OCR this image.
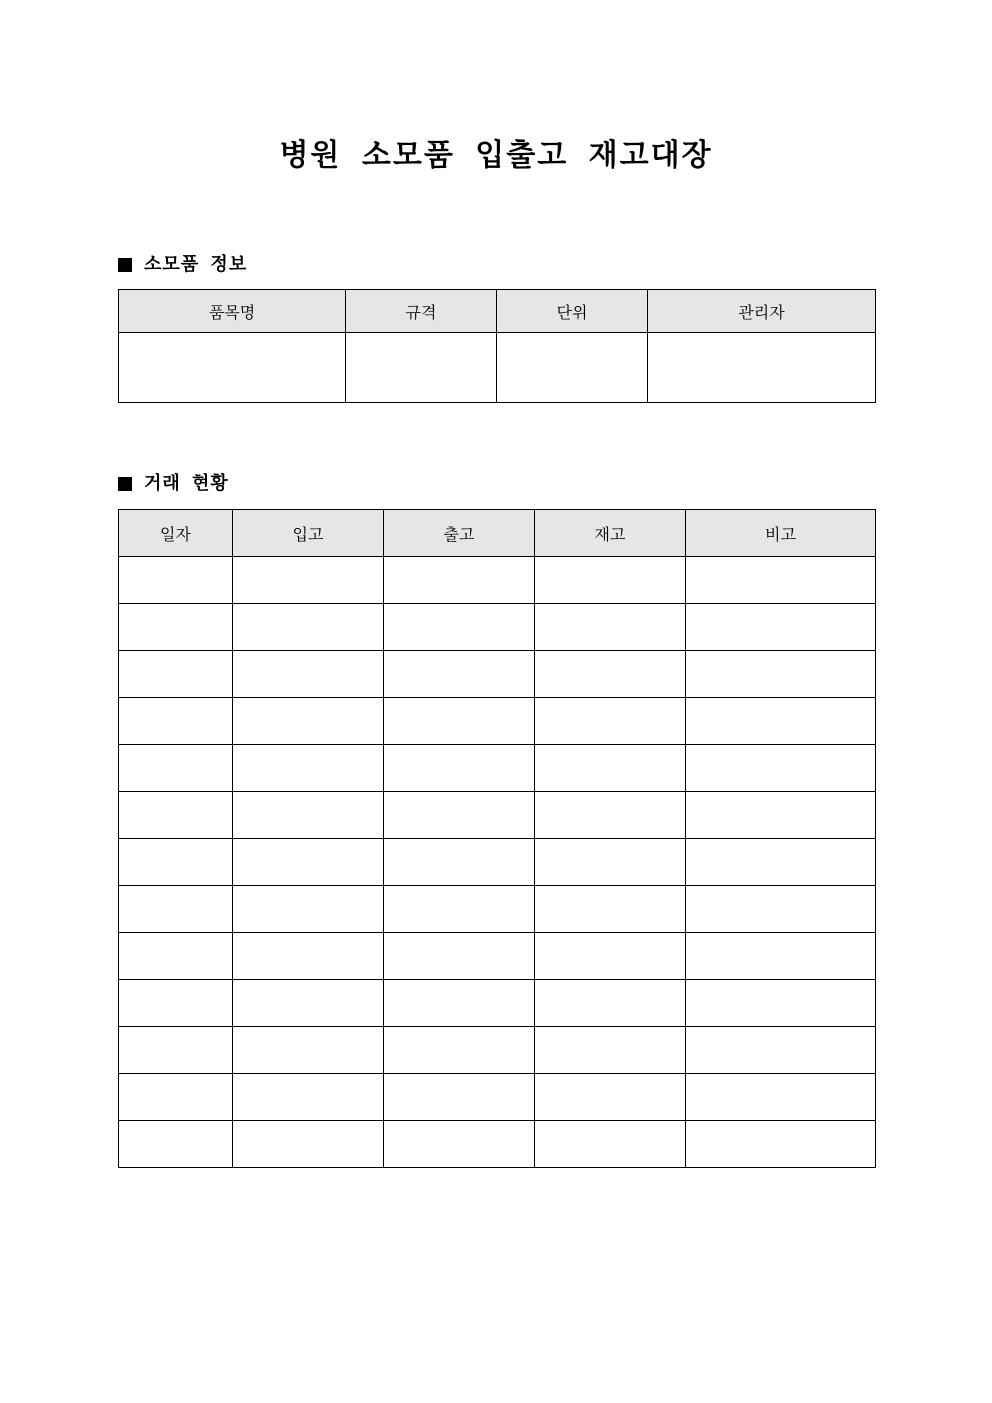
병원 소모품 입출고 재고대장
소모품 정보
품목명	규격	단위	관리자

거래 현황
일자	입고	출고	재고	비고
